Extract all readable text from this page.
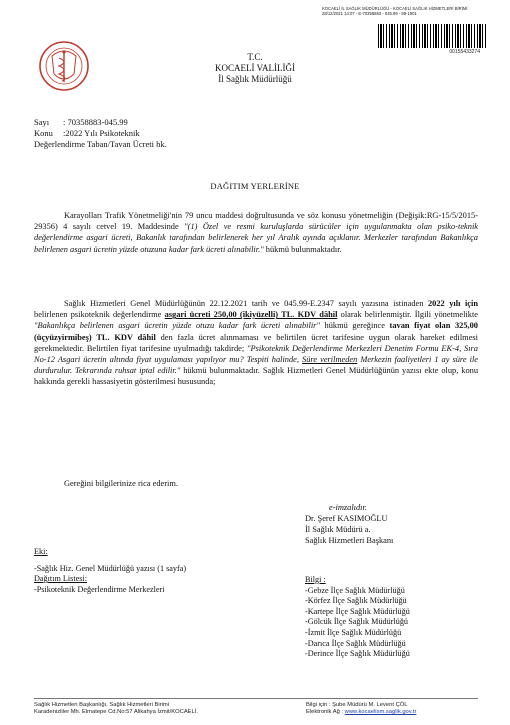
KOCAELİ İL SAĞLIK MÜDÜRLÜĞÜ - KOCAELİ SAĞLIK HİZMETLERİ BİRİMİ
28/12/2021 14:07 - E-70358883 - 045.99 - 99-1901
00155433274
T.C.
KOCAELİ VALİLİĞİ
İl Sağlık Müdürlüğü
Sayı : 70358883-045.99
Konu :2022 Yılı Psikoteknik
Değerlendirme Taban/Tavan Ücreti hk.
DAĞITIM YERLERİNE

Karayolları Trafik Yönetmeliği'nin 79 uncu maddesi doğrultusunda ve söz konusu yönetmeliğin (Değişik:RG-15/5/2015-29356) 4 sayılı cetvel 19. Maddesinde "(1) Özel ve resmi kuruluşlarda sürücüler için uygulanmakta olan psiko-teknik değerlendirme asgari ücreti, Bakanlık tarafından belirlenerek her yıl Aralık ayında açıklanır. Merkezler tarafından Bakanlıkça belirlenen asgari ücretin yüzde otuzuna kadar fark ücreti alınabilir." hükmü bulunmaktadır.

Sağlık Hizmetleri Genel Müdürlüğünün 22.12.2021 tarih ve 045.99-E.2347 sayılı yazısına istinaden 2022 yılı için belirlenen psikoteknik değerlendirme asgari ücreti 250,00 (ikiyüzelli) TL. KDV dâhil olarak belirlenmiştir. İlgili yönetmelikte "Bakanlıkça belirlenen asgari ücretin yüzde otuzu kadar fark ücreti alınabilir" hükmü gereğince tavan fiyat olan 325,00 (üçyüzyirmibeş) TL. KDV dâhil den fazla ücret alınmaması ve belirtilen ücret tarifesine uygun olarak hareket edilmesi gerekmektedir. Belirtilen fiyat tarifesine uyulmadığı takdirde; "Psikoteknik Değerlendirme Merkezleri Denetim Formu EK-4, Sıra No-12 Asgari ücretin altında fiyat uygulaması yapılıyor mu? Tespiti halinde, Süre verilmeden Merkezin faaliyetleri 1 ay süre ile durdurulur. Tekrarında ruhsat iptal edilir." hükmü bulunmaktadır. Sağlık Hizmetleri Genel Müdürlüğünün yazısı ekte olup, konu hakkında gerekli hassasiyetin gösterilmesi hususunda;

Gereğini bilgilerinize rica ederim.

e-imzalıdır.
Dr. Şeref KASIMOĞLU
İl Sağlık Müdürü a.
Sağlık Hizmetleri Başkanı
Eki:
-Sağlık Hiz. Genel Müdürlüğü yazısı (1 sayfa)
Dağıtım Listesi:
-Psikoteknik Değerlendirme Merkezleri
Bilgi :
-Gebze İlçe Sağlık Müdürlüğü
-Körfez İlçe Sağlık Müdürlüğü
-Kartepe İlçe Sağlık Müdürlüğü
-Gölcük İlçe Sağlık Müdürlüğü
-İzmit İlçe Sağlık Müdürlüğü
-Darıca İlçe Sağlık Müdürlüğü
-Derince İlçe Sağlık Müdürlüğü
Sağlık Hizmetleri Başkanlığı, Sağlık Hizmetleri Birimi
Karadenizliler Mh. Elmatepe Cd.No:57 Alikahya İzmit/KOCAELİ.
Bilgi için : Şube Müdürü M. Levent ÇÖL
Elektronik Ağ : www.kocaelism.saglik.gov.tr
